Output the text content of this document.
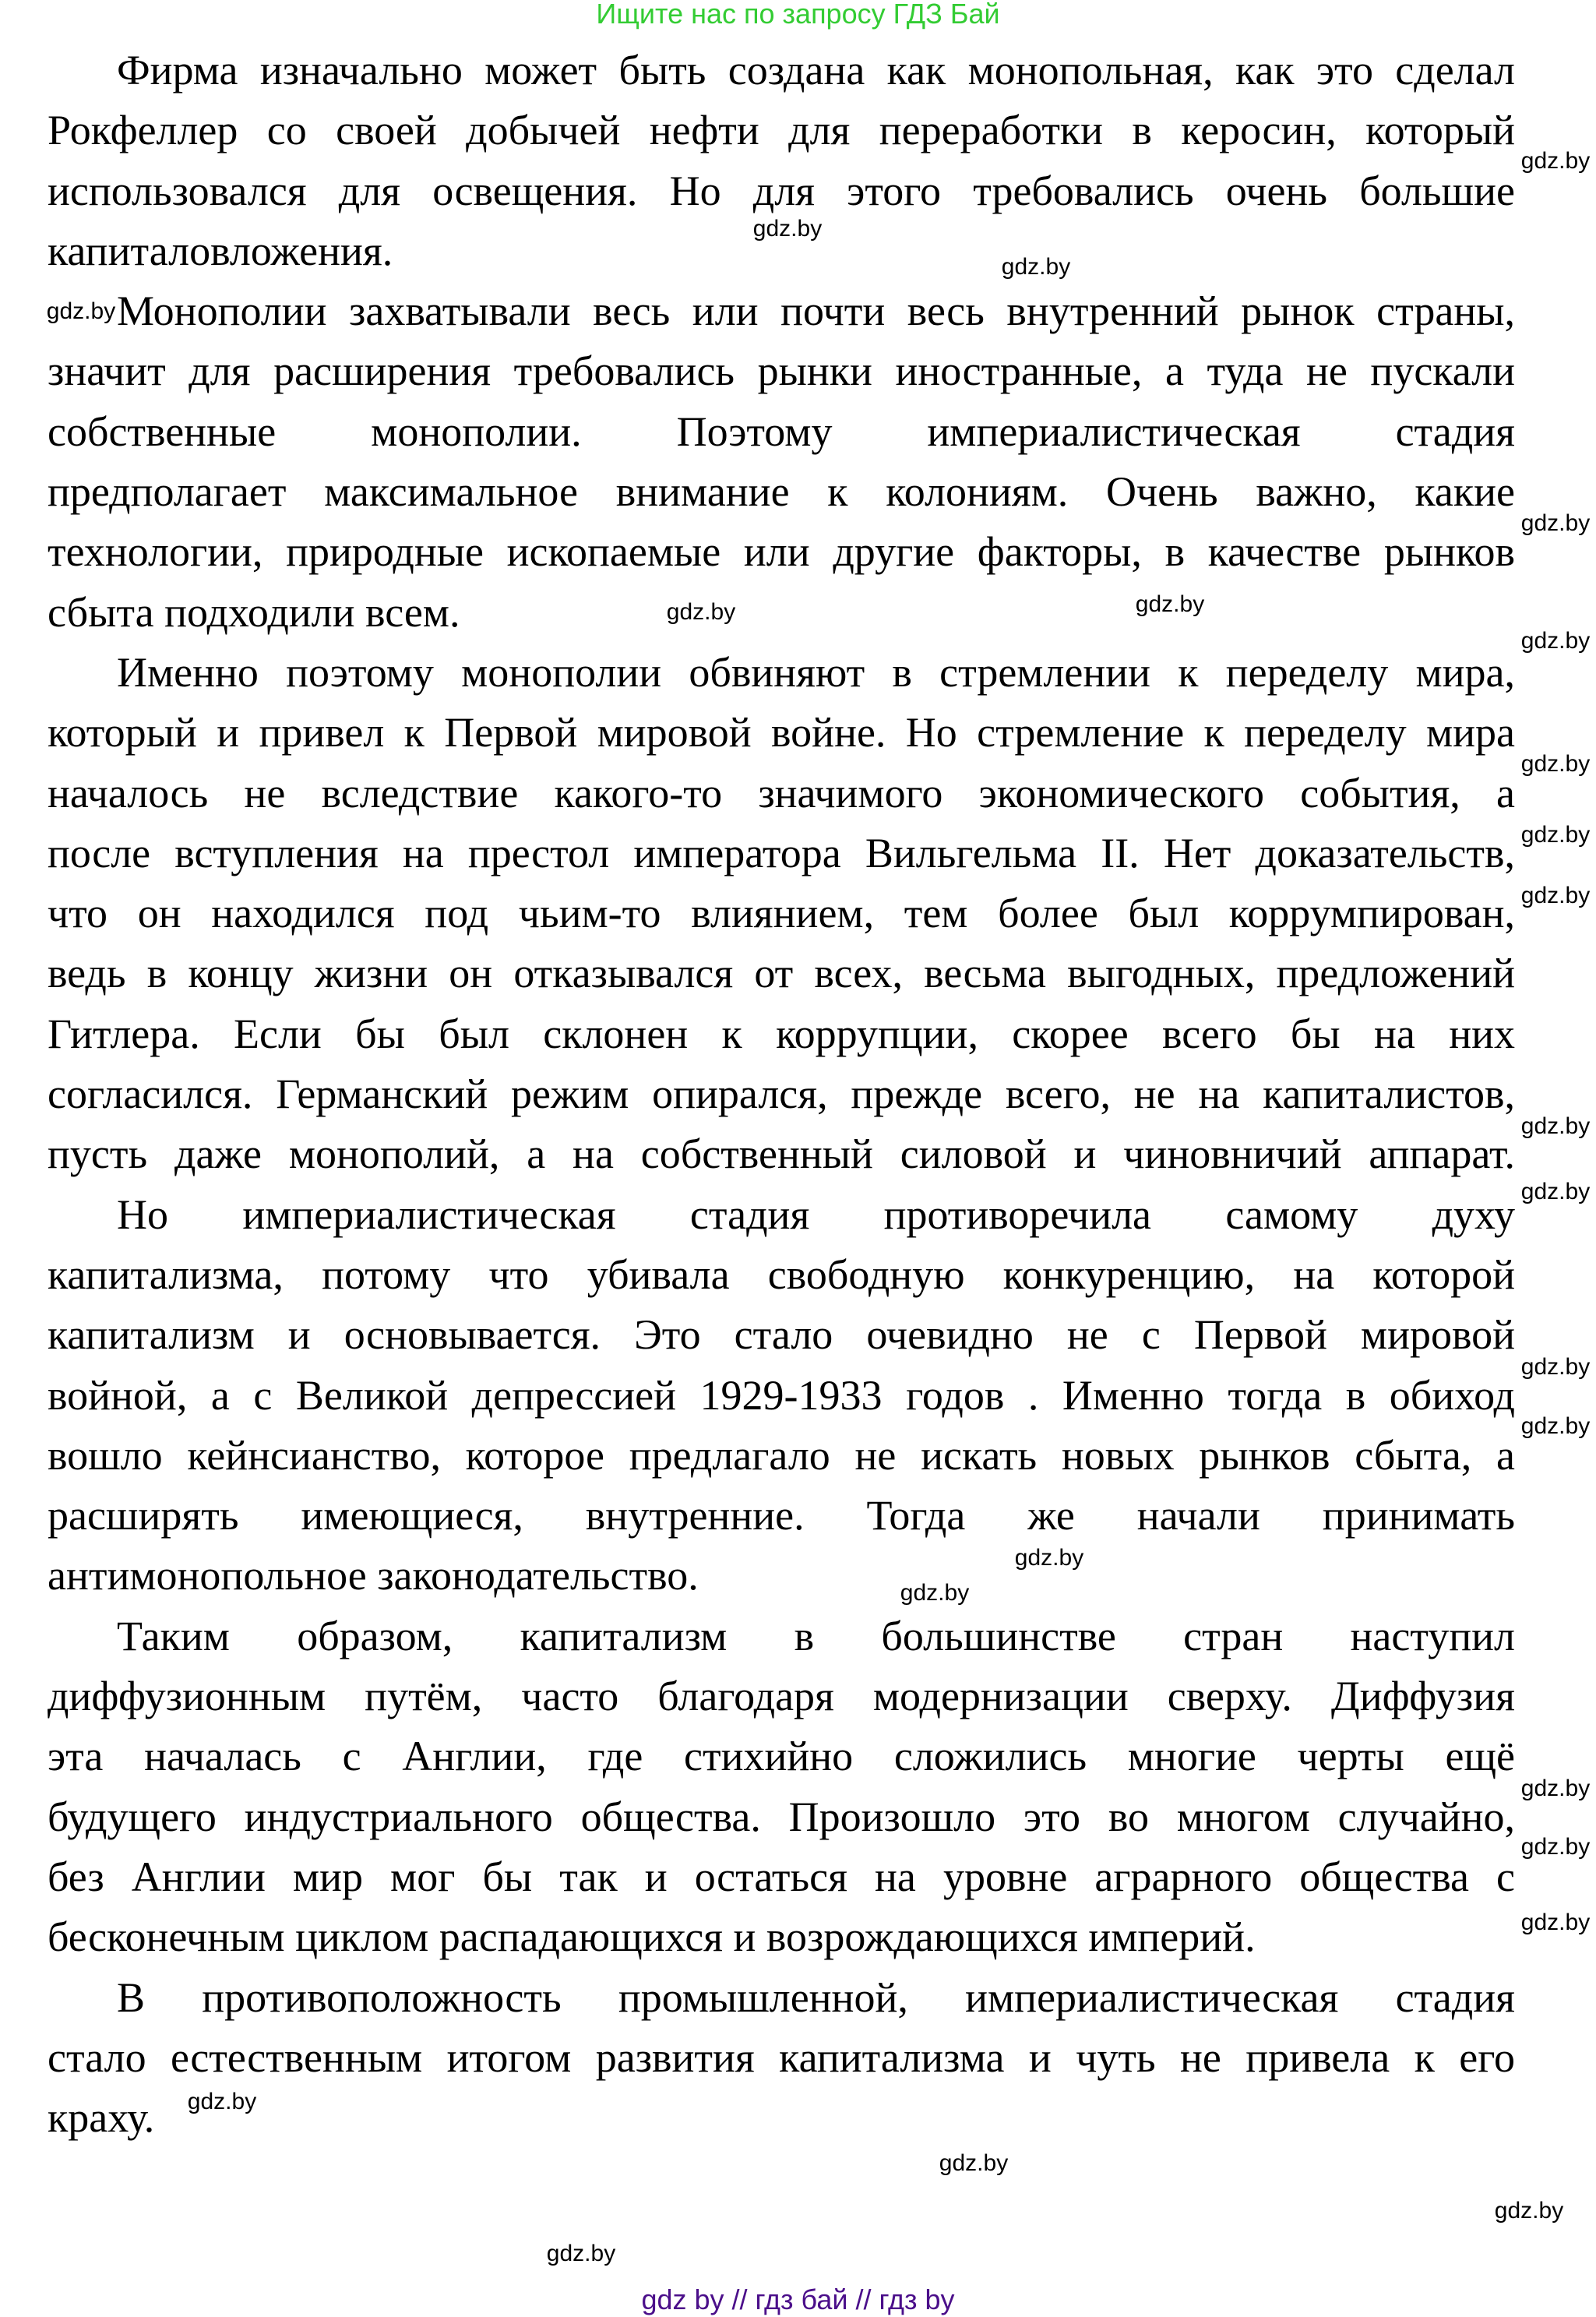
Ищите нас по запросу ГДЗ Бай
Фирма изначально может быть создана как монопольная, как это сделал
Рокфеллер со своей добычей нефти для переработки в керосин, который
использовался для освещения. Но для этого требовались очень большие
капиталовложения.
Монополии захватывали весь или почти весь внутренний рынок страны,
значит для расширения требовались рынки иностранные, а туда не пускали
собственные монополии. Поэтому империалистическая стадия
предполагает максимальное внимание к колониям. Очень важно, какие
технологии, природные ископаемые или другие факторы, в качестве рынков
сбыта подходили всем.
Именно поэтому монополии обвиняют в стремлении к переделу мира,
который и привел к Первой мировой войне. Но стремление к переделу мира
началось не вследствие какого-то значимого экономического события, а
после вступления на престол императора Вильгельма II. Нет доказательств,
что он находился под чьим-то влиянием, тем более был коррумпирован,
ведь в концу жизни он отказывался от всех, весьма выгодных, предложений
Гитлера. Если бы был склонен к коррупции, скорее всего бы на них
согласился. Германский режим опирался, прежде всего, не на капиталистов,
пусть даже монополий, а на собственный силовой и чиновничий аппарат.
Но империалистическая стадия противоречила самому духу
капитализма, потому что убивала свободную конкуренцию, на которой
капитализм и основывается. Это стало очевидно не с Первой мировой
войной, а с Великой депрессией 1929-1933 годов . Именно тогда в обиход
вошло кейнсианство, которое предлагало не искать новых рынков сбыта, а
расширять имеющиеся, внутренние. Тогда же начали принимать
антимонопольное законодательство.
Таким образом, капитализм в большинстве стран наступил
диффузионным путём, часто благодаря модернизации сверху. Диффузия
эта началась с Англии, где стихийно сложились многие черты ещё
будущего индустриального общества. Произошло это во многом случайно,
без Англии мир мог бы так и остаться на уровне аграрного общества с
бесконечным циклом распадающихся и возрождающихся империй.
В противоположность промышленной, империалистическая стадия
стало естественным итогом развития капитализма и чуть не привела к его
краху.
gdz.by
gdz.by
gdz.by
gdz.by
gdz.by
gdz.by
gdz.by
gdz.by
gdz.by
gdz.by
gdz.by
gdz.by
gdz.by
gdz.by
gdz.by
gdz.by
gdz.by
gdz.by
gdz.by
gdz.by
gdz.by
gdz.by
gdz.by
gdz.by
gdz by // гдз бай // гдз by
